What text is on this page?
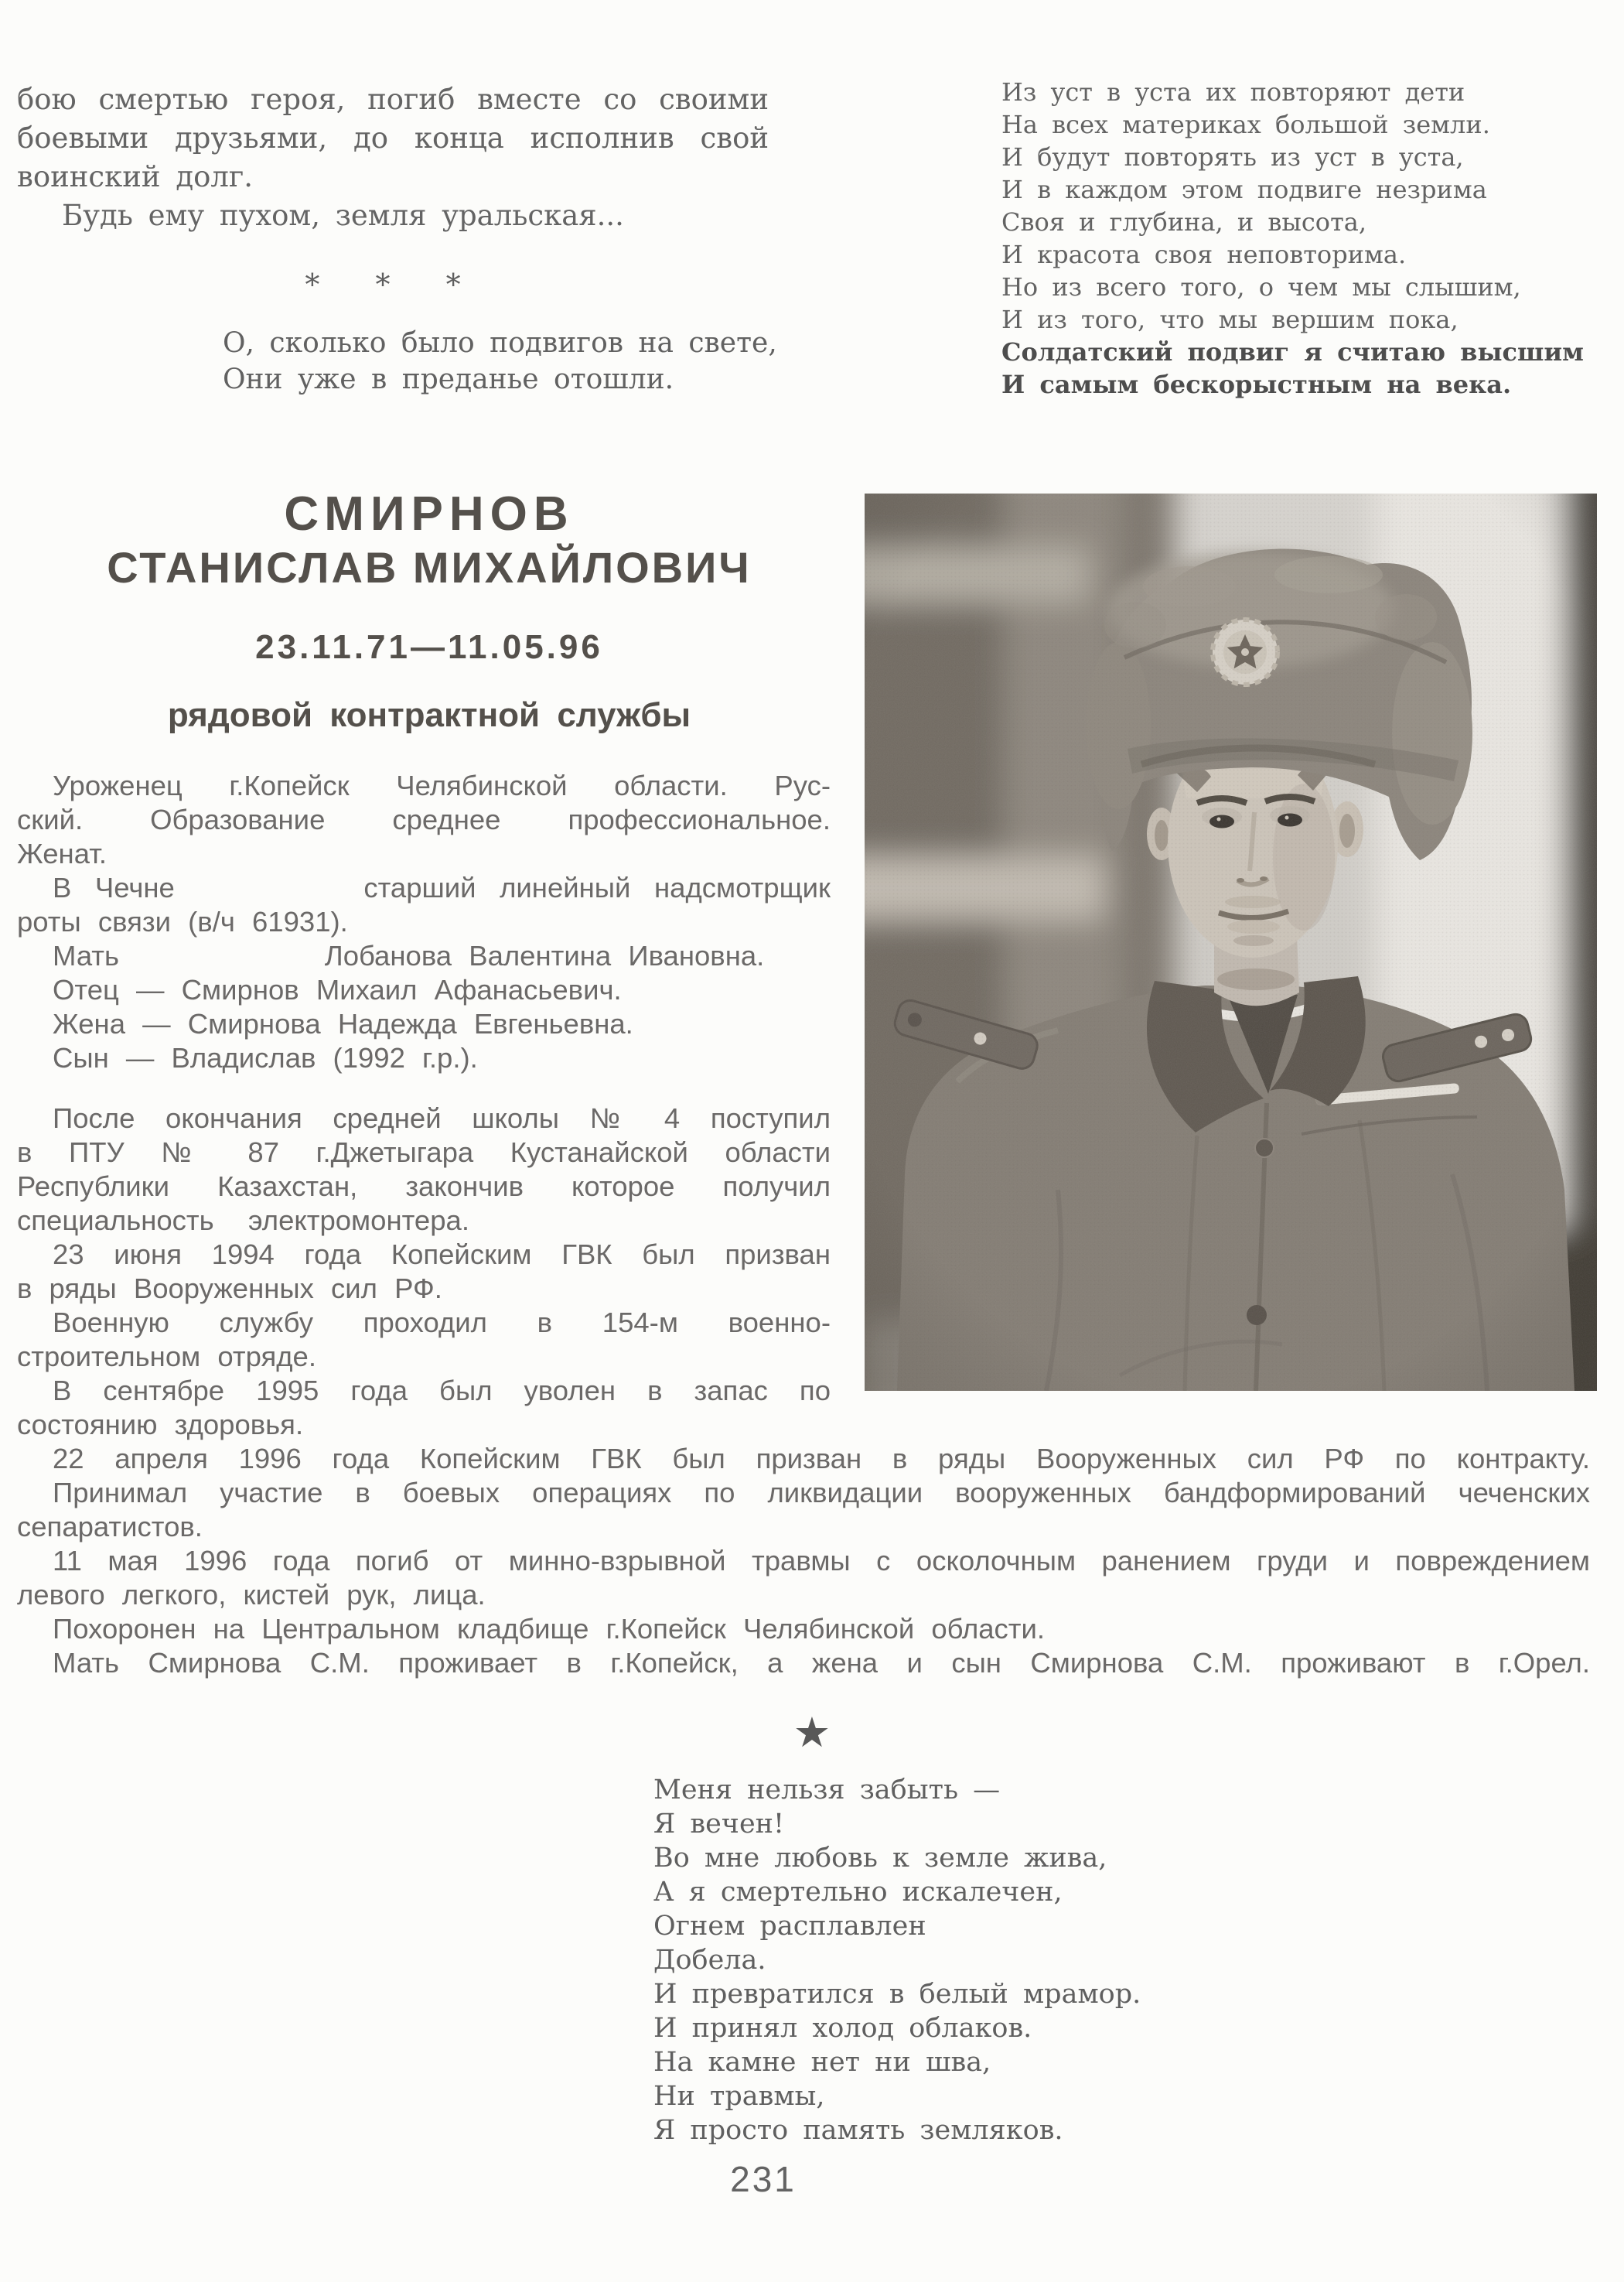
бою смертью героя, погиб вместе со своими
боевыми друзьями, до конца исполнив свой
воинский долг.
Будь ему пухом, земля уральская...
* * *
О, сколько было подвигов на свете,
Они уже в преданье отошли.
Из уст в уста их повторяют дети
На всех материках большой земли.
И будут повторять из уст в уста,
И в каждом этом подвиге незрима
Своя и глубина, и высота,
И красота своя неповторима.
Но из всего того, о чем мы слышим,
И из того, что мы вершим пока,
Солдатский подвиг я считаю высшим
И самым бескорыстным на века.
СМИРНОВ
СТАНИСЛАВ МИХАЙЛОВИЧ
23.11.71—11.05.96
рядовой контрактной службы
Уроженец г.Копейск Челябинской области. Рус-
ский. Образование среднее профессиональное.
Женат.
В Чечне        старший линейный надсмотрщик
роты связи (в/ч 61931).
Мать            Лобанова Валентина Ивановна.
Отец — Смирнов Михаил Афанасьевич.
Жена — Смирнова Надежда Евгеньевна.
Сын — Владислав (1992 г.р.).
После окончания средней школы № 4 поступил
в ПТУ № 87 г.Джетыгара Кустанайской области
Республики Казахстан, закончив которое получил
специальность  электромонтера.
23 июня 1994 года Копейским ГВК был призван
в ряды Вооруженных сил РФ.
Военную службу проходил в 154-м военно-
строительном отряде.
В сентябре 1995 года был уволен в запас по
состоянию здоровья.
22 апреля 1996 года Копейским ГВК был призван в ряды Вооруженных сил РФ по контракту.
Принимал участие в боевых операциях по ликвидации вооруженных бандформирований чеченских
сепаратистов.
11 мая 1996 года погиб от минно-взрывной травмы с осколочным ранением груди и повреждением
левого легкого, кистей рук, лица.
Похоронен на Центральном кладбище г.Копейск Челябинской области.
Мать Смирнова С.М. проживает в г.Копейск, а жена и сын Смирнова С.М. проживают в г.Орел.
★
Меня нельзя забыть —
Я вечен!
Во мне любовь к земле жива,
А я смертельно искалечен,
Огнем расплавлен
Добела.
И превратился в белый мрамор.
И принял холод облаков.
На камне нет ни шва,
Ни травмы,
Я просто память земляков.
231
